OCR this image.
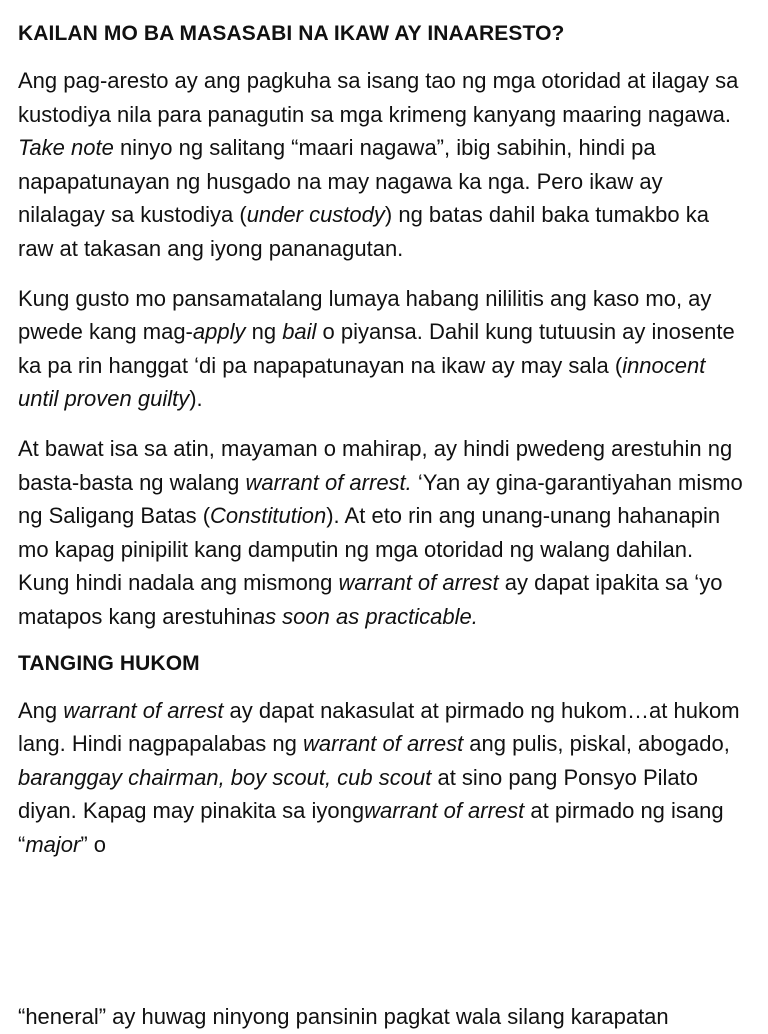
KAILAN MO BA MASASABI NA IKAW AY INAARESTO?

Ang pag-aresto ay ang pagkuha sa isang tao ng mga otoridad at ilagay sa kustodiya nila para panagutin sa mga krimeng kanyang maaring nagawa. Take note ninyo ng salitang “maari nagawa”, ibig sabihin, hindi pa napapatunayan ng husgado na may nagawa ka nga. Pero ikaw ay nilalagay sa kustodiya (under custody) ng batas dahil baka tumakbo ka raw at takasan ang iyong pananagutan.

Kung gusto mo pansamatalang lumaya habang nililitis ang kaso mo, ay pwede kang mag-apply ng bail o piyansa. Dahil kung tutuusin ay inosente ka pa rin hanggat ‘di pa napapatunayan na ikaw ay may sala (innocent until proven guilty).

At bawat isa sa atin, mayaman o mahirap, ay hindi pwedeng arestuhin ng basta-basta ng walang warrant of arrest. ‘Yan ay gina-garantiyahan mismo ng Saligang Batas (Constitution). At eto rin ang unang-unang hahanapin mo kapag pinipilit kang damputin ng mga otoridad ng walang dahilan. Kung hindi nadala ang mismong warrant of arrest ay dapat ipakita sa ‘yo matapos kang arestuhinas soon as practicable.

TANGING HUKOM

Ang warrant of arrest ay dapat nakasulat at pirmado ng hukom…at hukom lang. Hindi nagpapalabas ng warrant of arrest ang pulis, piskal, abogado, baranggay chairman, boy scout, cub scout at sino pang Ponsyo Pilato diyan. Kapag may pinakita sa iyongwarrant of arrest at pirmado ng isang “major” o

“heneral” ay huwag ninyong pansinin pagkat wala silang karapatan
